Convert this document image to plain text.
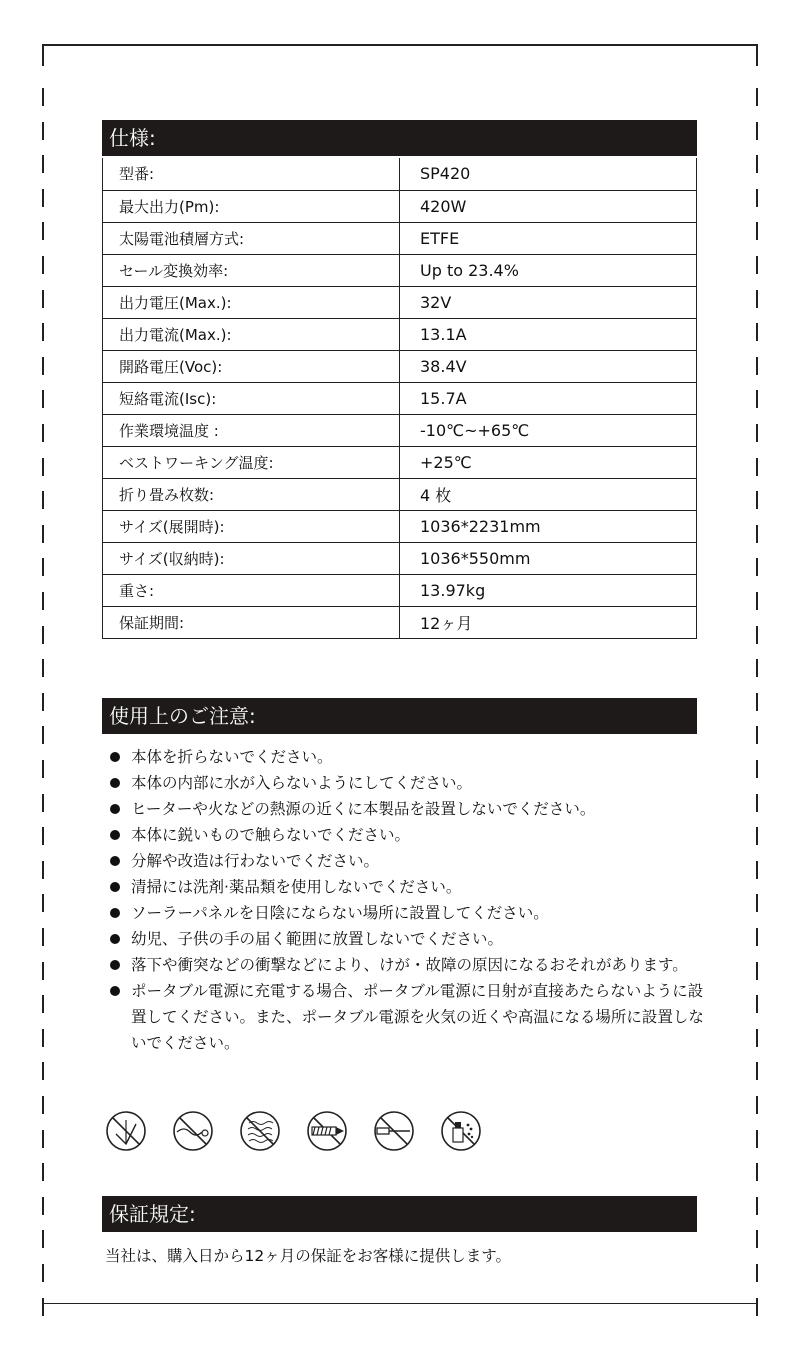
仕様:
型番:	SP420
最大出力(Pm):	420W
太陽電池積層方式:	ETFE
セール変換効率:	Up to 23.4%
出力電圧(Max.):	32V
出力電流(Max.):	13.1A
開路電圧(Voc):	38.4V
短絡電流(Isc):	15.7A
作業環境温度 :	-10℃~+65℃
ベストワーキング温度:	+25℃
折り畳み枚数:	4 枚
サイズ(展開時):	1036*2231mm
サイズ(収納時):	1036*550mm
重さ:	13.97kg
保証期間:	12ヶ月
使用上のご注意:
本体を折らないでください。
本体の内部に水が入らないようにしてください。
ヒーターや火などの熱源の近くに本製品を設置しないでください。
本体に鋭いもので触らないでください。
分解や改造は行わないでください。
清掃には洗剤·薬品類を使用しないでください。
ソーラーパネルを日陰にならない場所に設置してください。
幼児、子供の手の届く範囲に放置しないでください。
落下や衝突などの衝撃などにより、けが・故障の原因になるおそれがあります。
ポータブル電源に充電する場合、ポータブル電源に日射が直接あたらないように設置してください。また、ポータブル電源を火気の近くや高温になる場所に設置しないでください。
保証規定:
当社は、購入日から12ヶ月の保証をお客様に提供します。
